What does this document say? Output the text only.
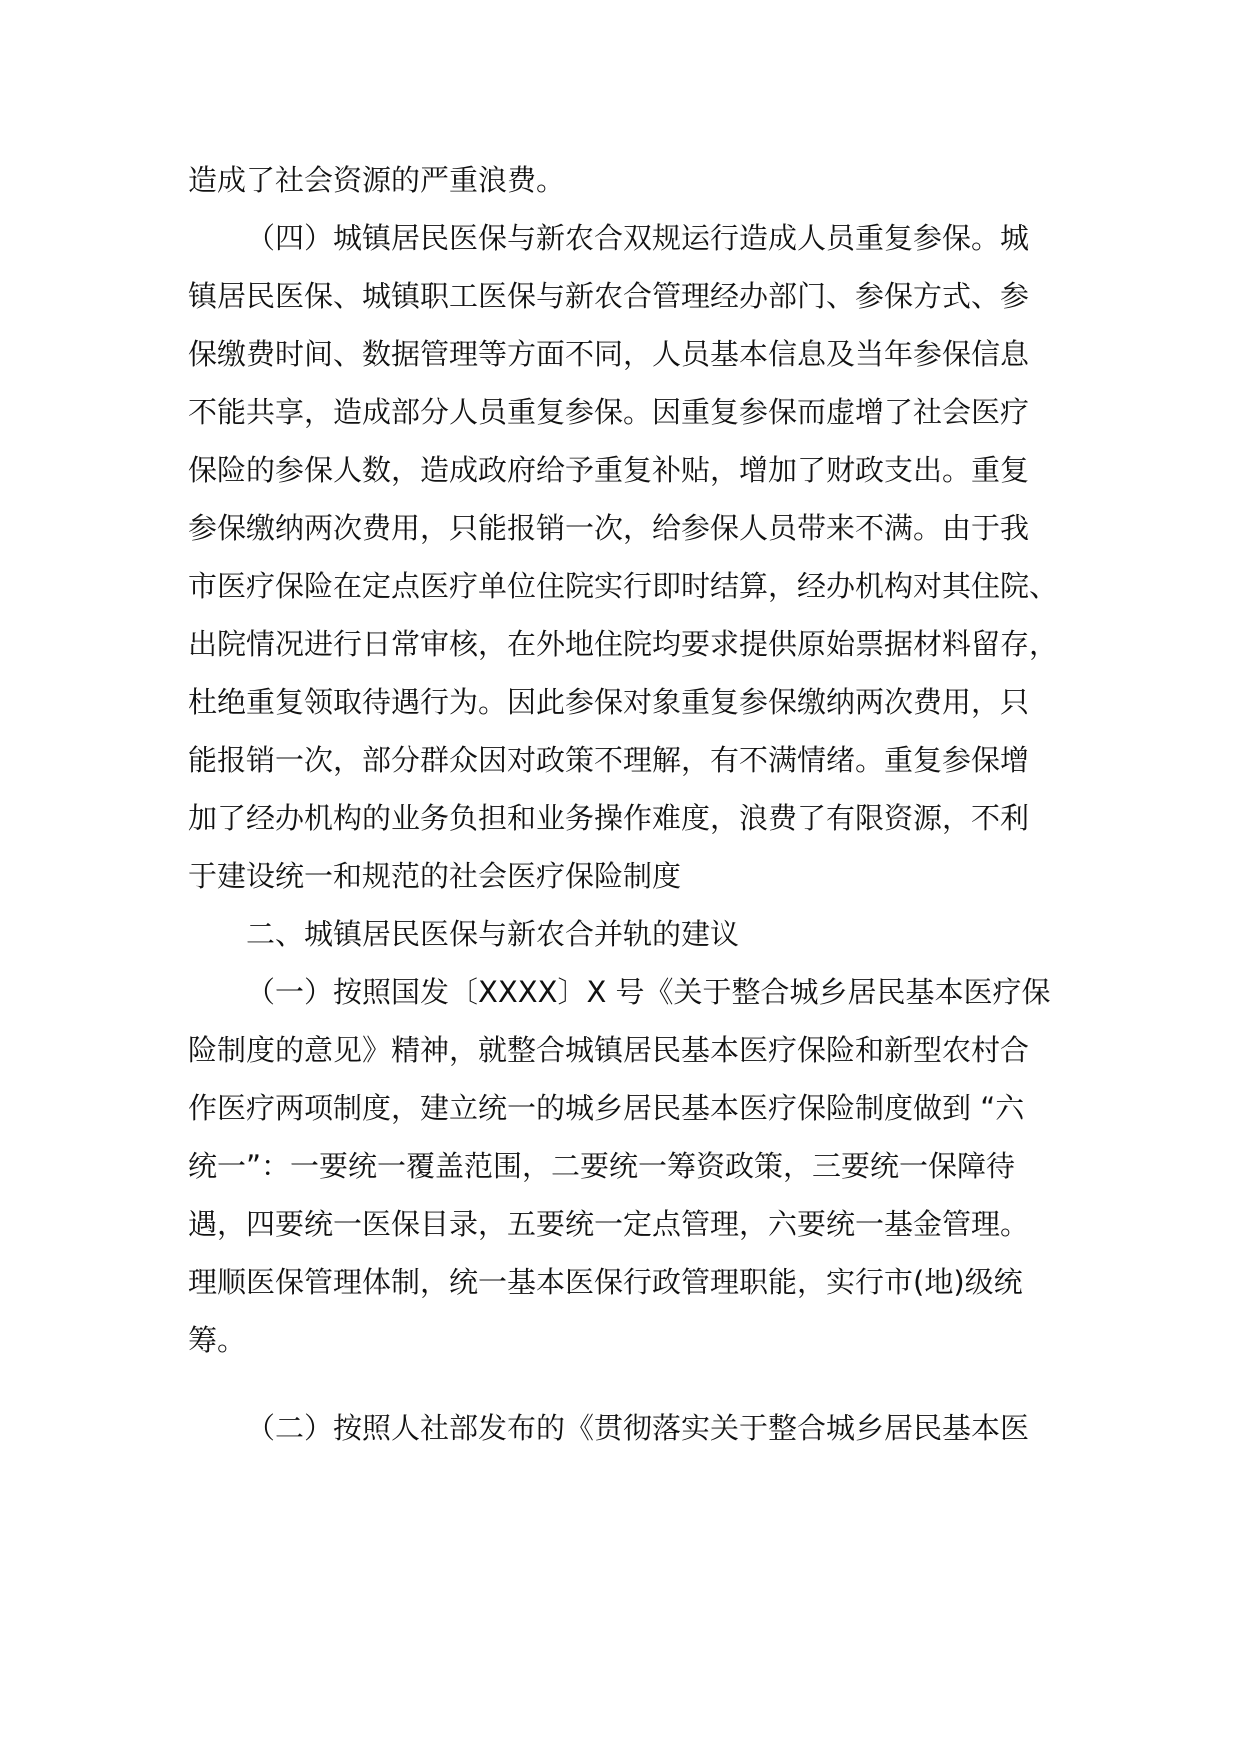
造成了社会资源的严重浪费。
（四）城镇居民医保与新农合双规运行造成人员重复参保。城
镇居民医保、城镇职工医保与新农合管理经办部门、参保方式、参
保缴费时间、数据管理等方面不同，人员基本信息及当年参保信息
不能共享，造成部分人员重复参保。因重复参保而虚增了社会医疗
保险的参保人数，造成政府给予重复补贴，增加了财政支出。重复
参保缴纳两次费用，只能报销一次，给参保人员带来不满。由于我
市医疗保险在定点医疗单位住院实行即时结算，经办机构对其住院、
出院情况进行日常审核，在外地住院均要求提供原始票据材料留存，
杜绝重复领取待遇行为。因此参保对象重复参保缴纳两次费用，只
能报销一次，部分群众因对政策不理解，有不满情绪。重复参保增
加了经办机构的业务负担和业务操作难度，浪费了有限资源，不利
于建设统一和规范的社会医疗保险制度
二、城镇居民医保与新农合并轨的建议
（一）按照国发〔XXXX〕X 号《关于整合城乡居民基本医疗保
险制度的意见》精神，就整合城镇居民基本医疗保险和新型农村合
作医疗两项制度，建立统一的城乡居民基本医疗保险制度做到 “六
统一”：一要统一覆盖范围，二要统一筹资政策，三要统一保障待
遇，四要统一医保目录，五要统一定点管理，六要统一基金管理。
理顺医保管理体制，统一基本医保行政管理职能，实行市(地)级统
筹。
（二）按照人社部发布的《贯彻落实关于整合城乡居民基本医
